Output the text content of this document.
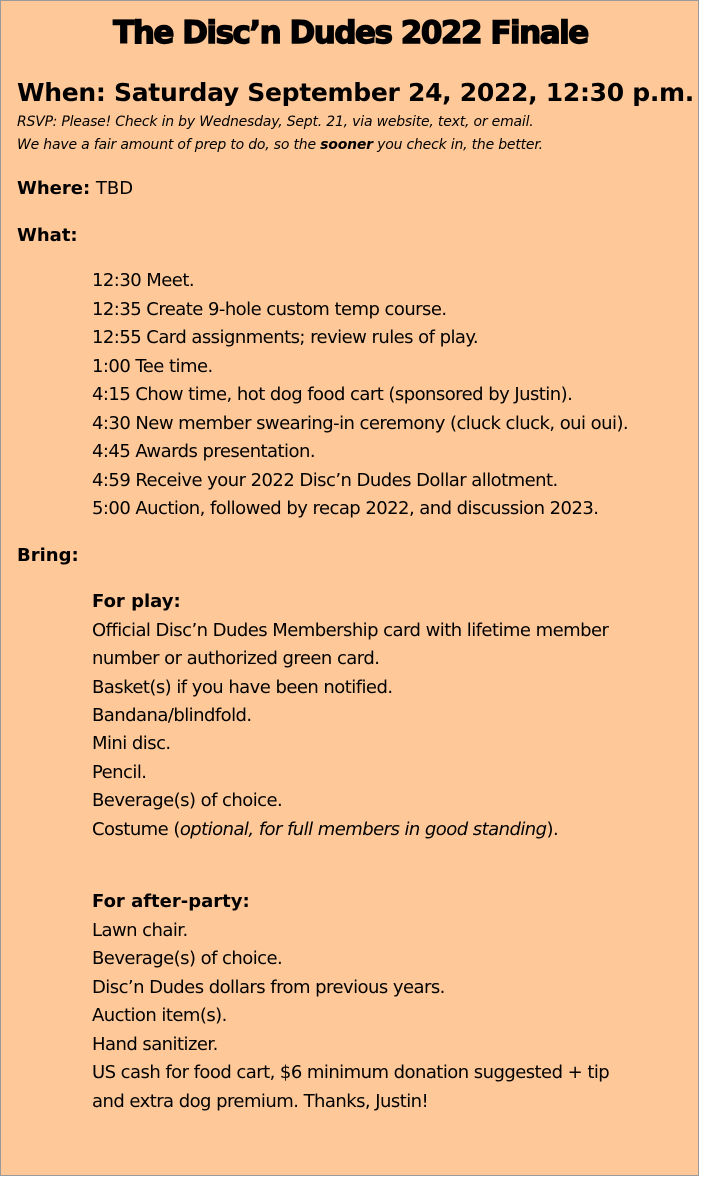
The Disc’n Dudes 2022 Finale
When: Saturday September 24, 2022, 12:30 p.m.
RSVP: Please! Check in by Wednesday, Sept. 21, via website, text, or email.
We have a fair amount of prep to do, so the sooner you check in, the better.
Where: TBD
What:
12:30 Meet.
12:35 Create 9-hole custom temp course.
12:55 Card assignments; review rules of play.
1:00 Tee time.
4:15 Chow time, hot dog food cart (sponsored by Justin).
4:30 New member swearing-in ceremony (cluck cluck, oui oui).
4:45 Awards presentation.
4:59 Receive your 2022 Disc’n Dudes Dollar allotment.
5:00 Auction, followed by recap 2022, and discussion 2023.
Bring:
For play:
Official Disc’n Dudes Membership card with lifetime member
number or authorized green card.
Basket(s) if you have been notified.
Bandana/blindfold.
Mini disc.
Pencil.
Beverage(s) of choice.
Costume (optional, for full members in good standing).
For after-party:
Lawn chair.
Beverage(s) of choice.
Disc’n Dudes dollars from previous years.
Auction item(s).
Hand sanitizer.
US cash for food cart, $6 minimum donation suggested + tip
and extra dog premium. Thanks, Justin!
